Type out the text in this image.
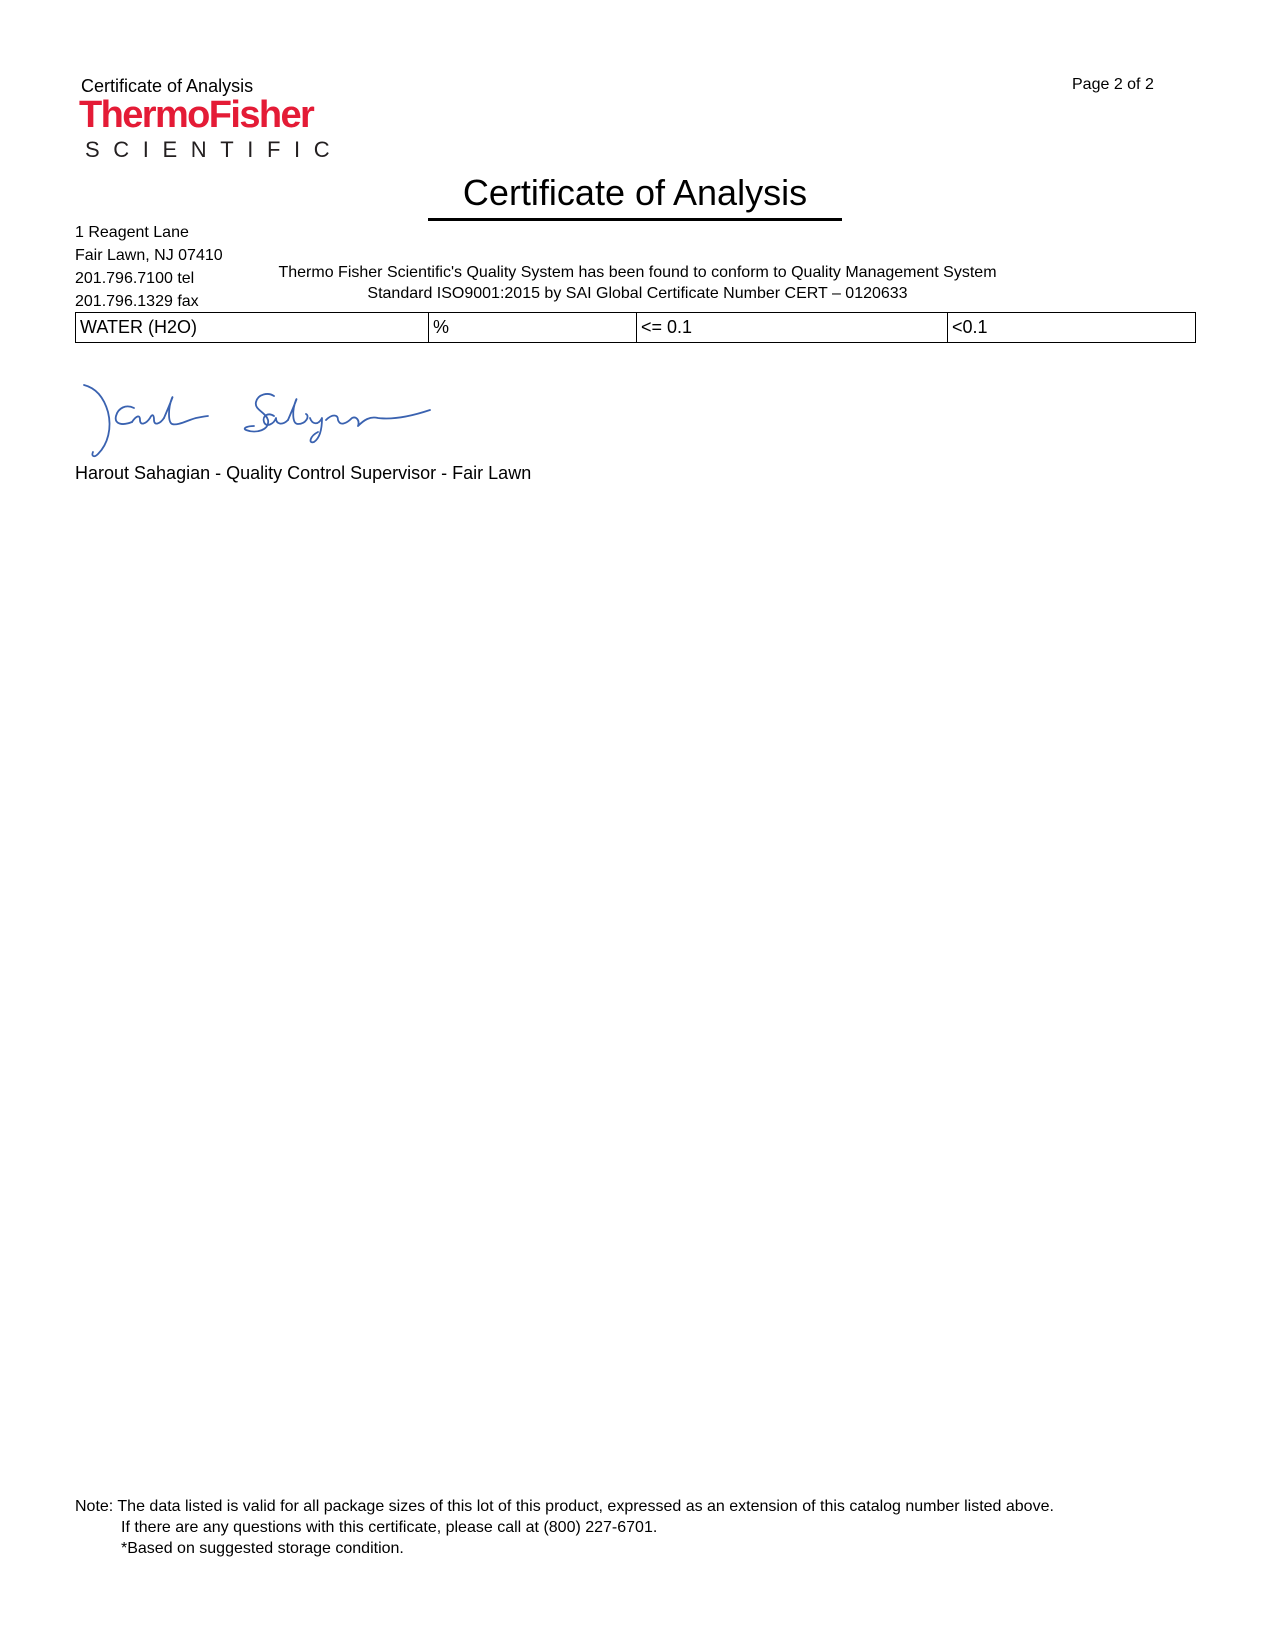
Certificate of Analysis	Page 2 of 2
ThermoFisher
SCIENTIFIC
Certificate of Analysis
1 Reagent Lane
Fair Lawn, NJ 07410
201.796.7100 tel
201.796.1329 fax
Thermo Fisher Scientific's Quality System has been found to conform to Quality Management System
Standard ISO9001:2015 by SAI Global Certificate Number CERT – 0120633
WATER (H2O)	%	<= 0.1	<0.1
Harout Sahagian - Quality Control Supervisor - Fair Lawn
Note: The data listed is valid for all package sizes of this lot of this product, expressed as an extension of this catalog number listed above.
If there are any questions with this certificate, please call at (800) 227-6701.
*Based on suggested storage condition.
